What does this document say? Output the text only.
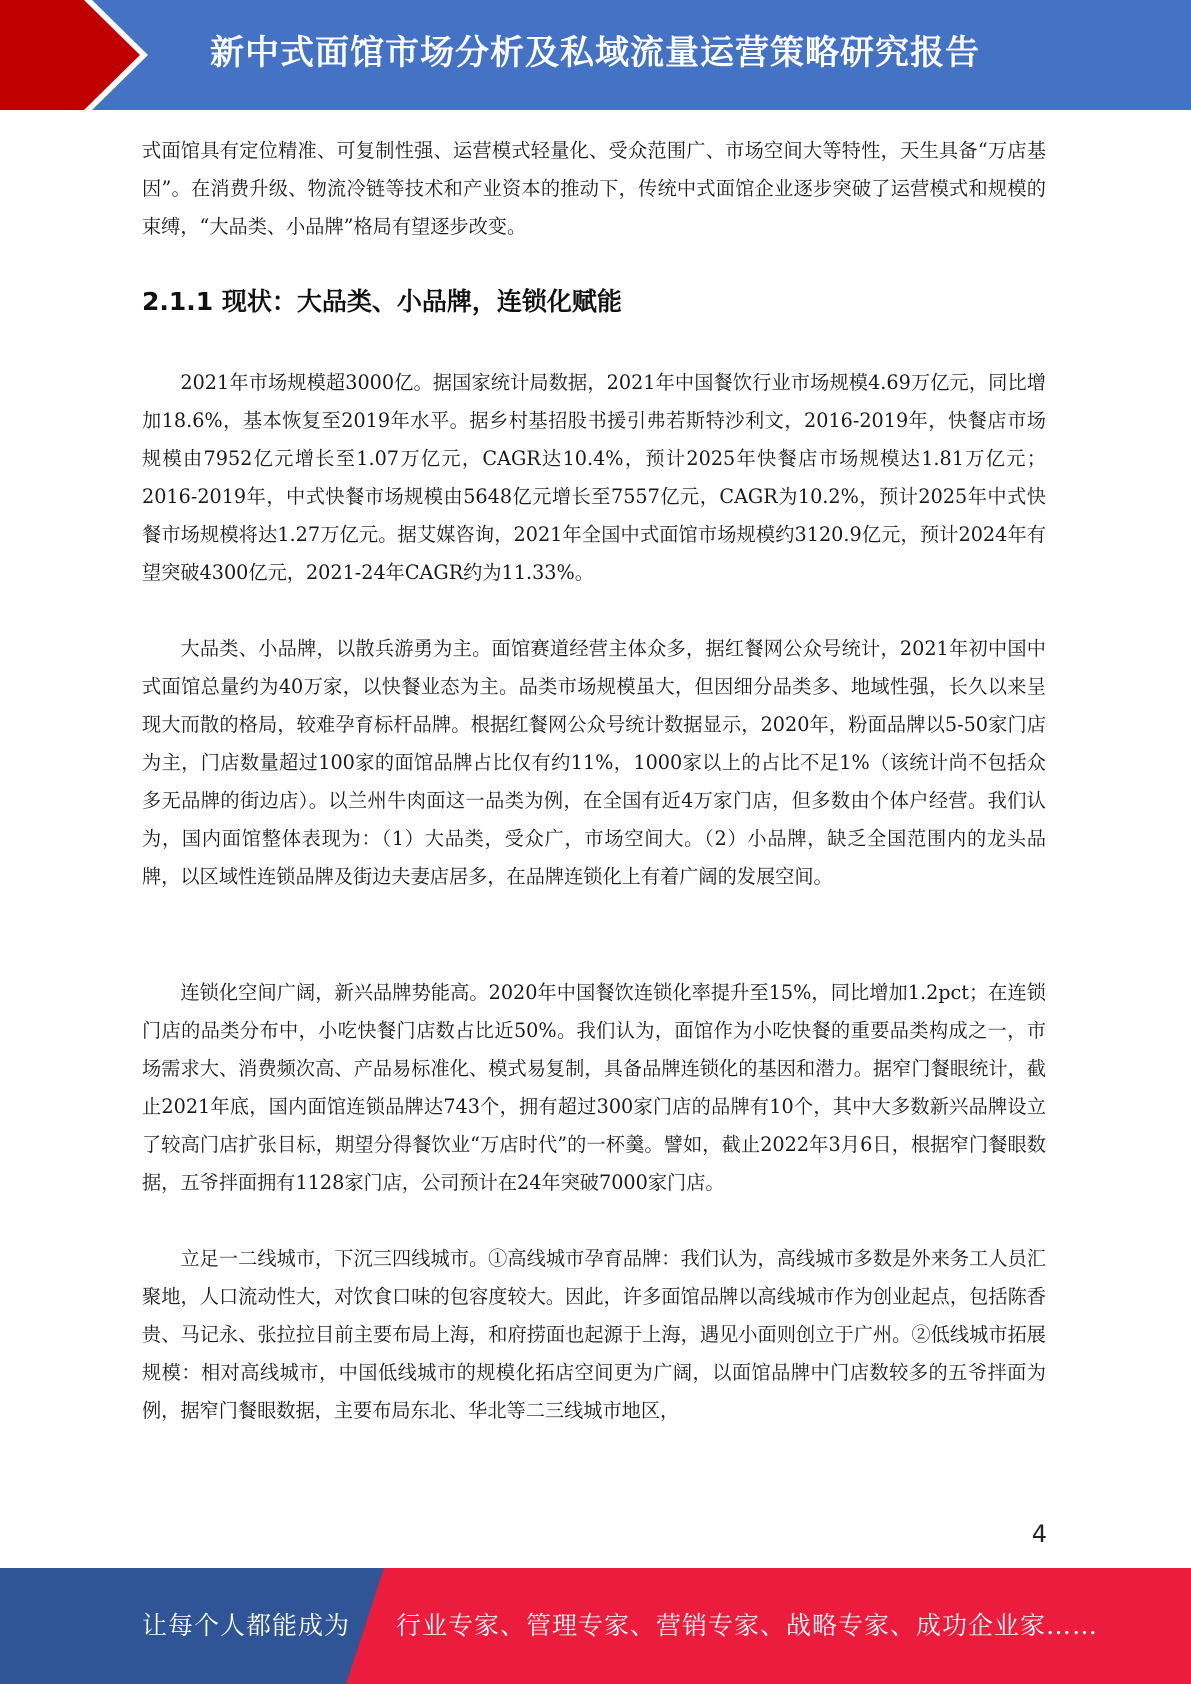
新中式面馆市场分析及私域流量运营策略研究报告

式面馆具有定位精准、可复制性强、运营模式轻量化、受众范围广、市场空间大等特性，天生具备“万店基因”。在消费升级、物流冷链等技术和产业资本的推动下，传统中式面馆企业逐步突破了运营模式和规模的束缚，“大品类、小品牌”格局有望逐步改变。

2.1.1 现状：大品类、小品牌，连锁化赋能

2021年市场规模超3000亿。据国家统计局数据，2021年中国餐饮行业市场规模4.69万亿元，同比增加18.6%，基本恢复至2019年水平。据乡村基招股书援引弗若斯特沙利文，2016-2019年，快餐店市场规模由7952亿元增长至1.07万亿元，CAGR达10.4%，预计2025年快餐店市场规模达1.81万亿元；2016-2019年，中式快餐市场规模由5648亿元增长至7557亿元，CAGR为10.2%，预计2025年中式快餐市场规模将达1.27万亿元。据艾媒咨询，2021年全国中式面馆市场规模约3120.9亿元，预计2024年有望突破4300亿元，2021-24年CAGR约为11.33%。

大品类、小品牌，以散兵游勇为主。面馆赛道经营主体众多，据红餐网公众号统计，2021年初中国中式面馆总量约为40万家，以快餐业态为主。品类市场规模虽大，但因细分品类多、地域性强，长久以来呈现大而散的格局，较难孕育标杆品牌。根据红餐网公众号统计数据显示，2020年，粉面品牌以5-50家门店为主，门店数量超过100家的面馆品牌占比仅有约11%，1000家以上的占比不足1%（该统计尚不包括众多无品牌的街边店）。以兰州牛肉面这一品类为例，在全国有近4万家门店，但多数由个体户经营。我们认为，国内面馆整体表现为：（1）大品类，受众广，市场空间大。（2）小品牌，缺乏全国范围内的龙头品牌，以区域性连锁品牌及街边夫妻店居多，在品牌连锁化上有着广阔的发展空间。

连锁化空间广阔，新兴品牌势能高。2020年中国餐饮连锁化率提升至15%，同比增加1.2pct；在连锁门店的品类分布中，小吃快餐门店数占比近50%。我们认为，面馆作为小吃快餐的重要品类构成之一，市场需求大、消费频次高、产品易标准化、模式易复制，具备品牌连锁化的基因和潜力。据窄门餐眼统计，截止2021年底，国内面馆连锁品牌达743个，拥有超过300家门店的品牌有10个，其中大多数新兴品牌设立了较高门店扩张目标，期望分得餐饮业“万店时代”的一杯羹。譬如，截止2022年3月6日，根据窄门餐眼数据，五爷拌面拥有1128家门店，公司预计在24年突破7000家门店。

立足一二线城市，下沉三四线城市。①高线城市孕育品牌：我们认为，高线城市多数是外来务工人员汇聚地，人口流动性大，对饮食口味的包容度较大。因此，许多面馆品牌以高线城市作为创业起点，包括陈香贵、马记永、张拉拉目前主要布局上海，和府捞面也起源于上海，遇见小面则创立于广州。②低线城市拓展规模：相对高线城市，中国低线城市的规模化拓店空间更为广阔，以面馆品牌中门店数较多的五爷拌面为例，据窄门餐眼数据，主要布局东北、华北等二三线城市地区，

4
让每个人都能成为 行业专家、管理专家、营销专家、战略专家、成功企业家……
